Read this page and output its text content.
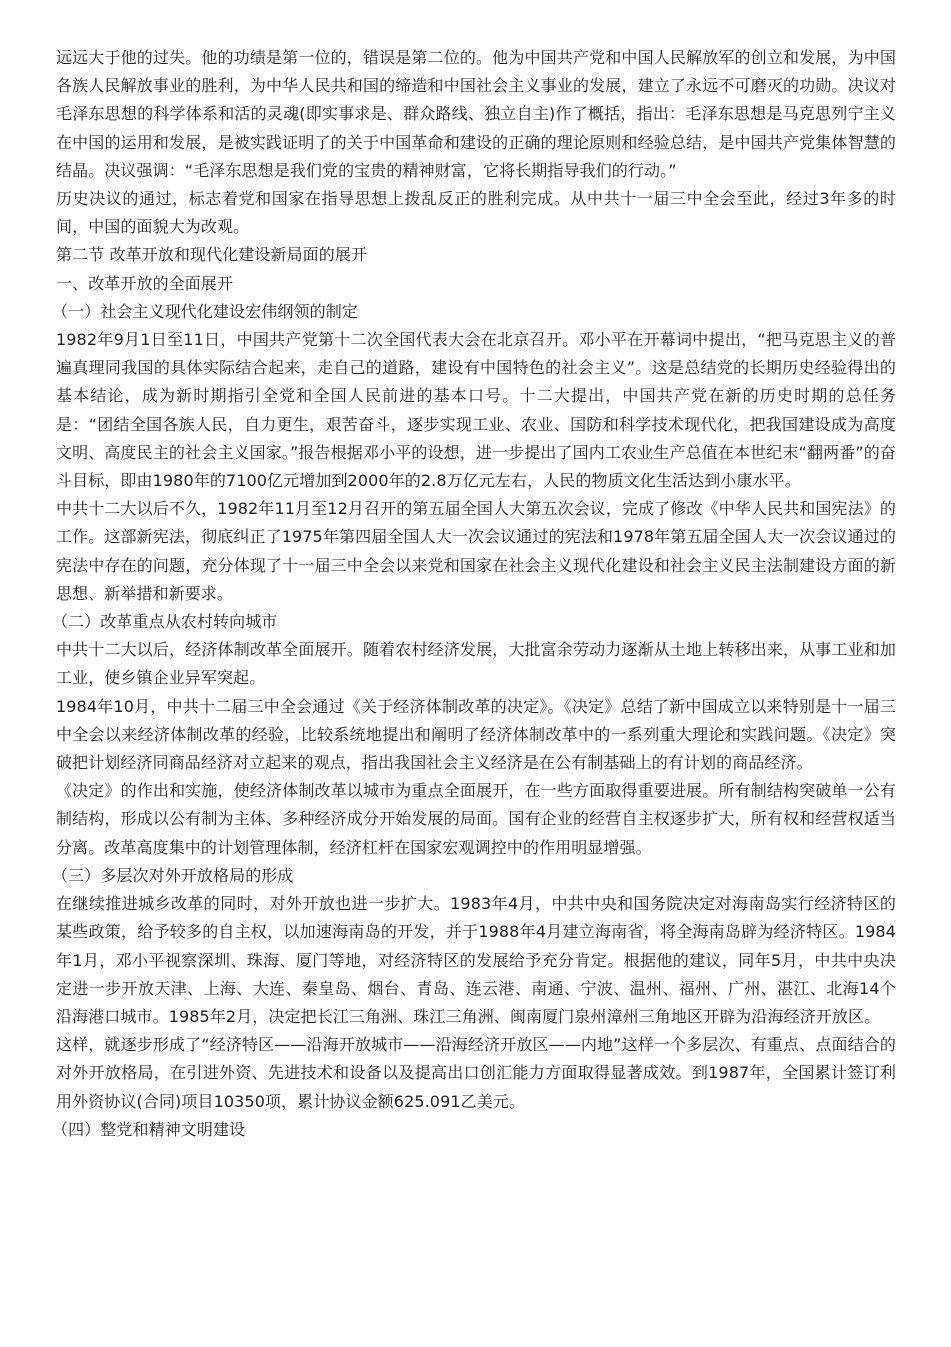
远远大于他的过失。他的功绩是第一位的，错误是第二位的。他为中国共产党和中国人民解放军的创立和发展，为中国各族人民解放事业的胜利，为中华人民共和国的缔造和中国社会主义事业的发展，建立了永远不可磨灭的功勋。决议对毛泽东思想的科学体系和活的灵魂(即实事求是、群众路线、独立自主)作了概括，指出：毛泽东思想是马克思列宁主义在中国的运用和发展，是被实践证明了的关于中国革命和建设的正确的理论原则和经验总结，是中国共产党集体智慧的结晶。决议强调：“毛泽东思想是我们党的宝贵的精神财富，它将长期指导我们的行动。”

历史决议的通过，标志着党和国家在指导思想上拨乱反正的胜利完成。从中共十一届三中全会至此，经过3年多的时间，中国的面貌大为改观。

第二节 改革开放和现代化建设新局面的展开

一、改革开放的全面展开

（一）社会主义现代化建设宏伟纲领的制定

1982年9月1日至11日，中国共产党第十二次全国代表大会在北京召开。邓小平在开幕词中提出，“把马克思主义的普遍真理同我国的具体实际结合起来，走自己的道路，建设有中国特色的社会主义”。这是总结党的长期历史经验得出的基本结论，成为新时期指引全党和全国人民前进的基本口号。十二大提出，中国共产党在新的历史时期的总任务是：“团结全国各族人民，自力更生，艰苦奋斗，逐步实现工业、农业、国防和科学技术现代化，把我国建设成为高度文明、高度民主的社会主义国家。”报告根据邓小平的设想，进一步提出了国内工农业生产总值在本世纪末“翻两番”的奋斗目标，即由1980年的7100亿元增加到2000年的2.8万亿元左右，人民的物质文化生活达到小康水平。

中共十二大以后不久，1982年11月至12月召开的第五届全国人大第五次会议，完成了修改《中华人民共和国宪法》的工作。这部新宪法，彻底纠正了1975年第四届全国人大一次会议通过的宪法和1978年第五届全国人大一次会议通过的宪法中存在的问题，充分体现了十一届三中全会以来党和国家在社会主义现代化建设和社会主义民主法制建设方面的新思想、新举措和新要求。

（二）改革重点从农村转向城市

中共十二大以后，经济体制改革全面展开。随着农村经济发展，大批富余劳动力逐渐从土地上转移出来，从事工业和加工业，使乡镇企业异军突起。

1984年10月，中共十二届三中全会通过《关于经济体制改革的决定》。《决定》总结了新中国成立以来特别是十一届三中全会以来经济体制改革的经验，比较系统地提出和阐明了经济体制改革中的一系列重大理论和实践问题。《决定》突破把计划经济同商品经济对立起来的观点，指出我国社会主义经济是在公有制基础上的有计划的商品经济。

《决定》的作出和实施，使经济体制改革以城市为重点全面展开，在一些方面取得重要进展。所有制结构突破单一公有制结构，形成以公有制为主体、多种经济成分开始发展的局面。国有企业的经营自主权逐步扩大，所有权和经营权适当分离。改革高度集中的计划管理体制，经济杠杆在国家宏观调控中的作用明显增强。

（三）多层次对外开放格局的形成

在继续推进城乡改革的同时，对外开放也进一步扩大。1983年4月，中共中央和国务院决定对海南岛实行经济特区的某些政策，给予较多的自主权，以加速海南岛的开发，并于1988年4月建立海南省，将全海南岛辟为经济特区。1984年1月，邓小平视察深圳、珠海、厦门等地，对经济特区的发展给予充分肯定。根据他的建议，同年5月，中共中央决定进一步开放天津、上海、大连、秦皇岛、烟台、青岛、连云港、南通、宁波、温州、福州、广州、湛江、北海14个沿海港口城市。1985年2月，决定把长江三角洲、珠江三角洲、闽南厦门泉州漳州三角地区开辟为沿海经济开放区。

这样，就逐步形成了“经济特区——沿海开放城市——沿海经济开放区——内地”这样一个多层次、有重点、点面结合的对外开放格局，在引进外资、先进技术和设备以及提高出口创汇能力方面取得显著成效。到1987年，全国累计签订利用外资协议(合同)项目10350项，累计协议金额625.091乙美元。

（四）整党和精神文明建设
